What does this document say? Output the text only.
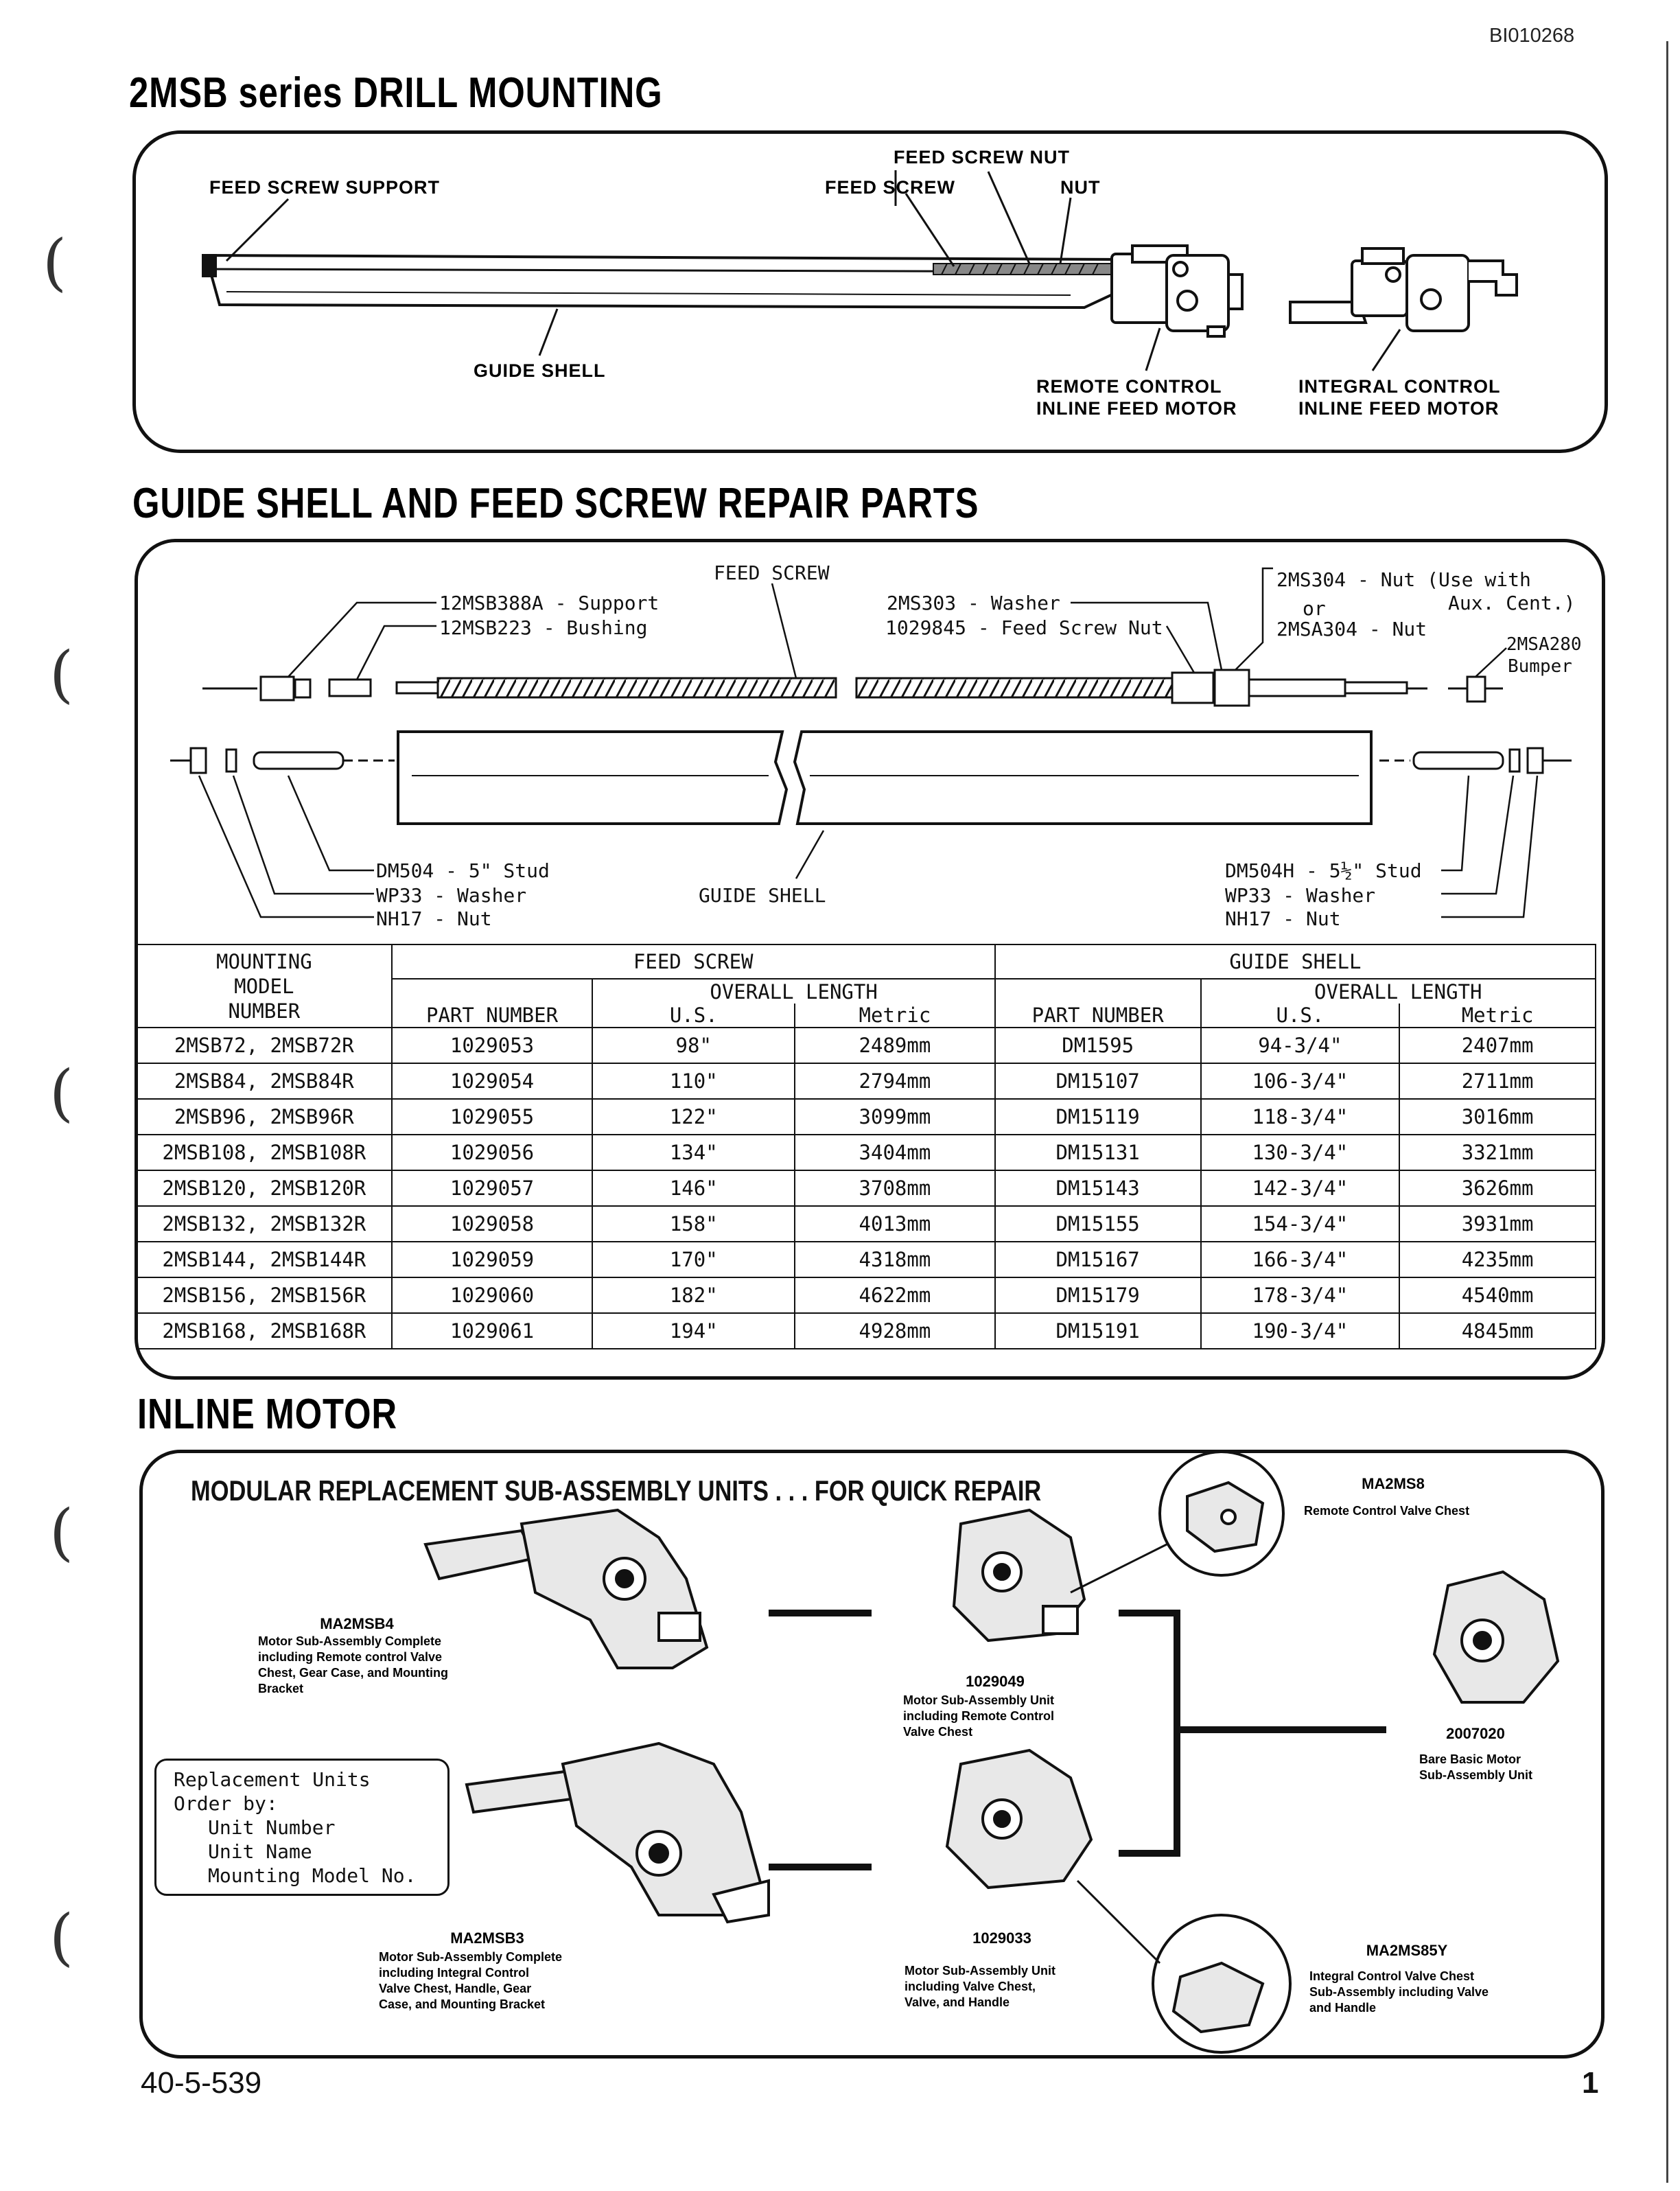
(
(
(
(
(
BI010268
2MSB series DRILL MOUNTING
FEED SCREW SUPPORT
FEED SCREW NUT
FEED SCREW	NUT
GUIDE SHELL
REMOTE CONTROL
INLINE FEED MOTOR
INTEGRAL CONTROL
INLINE FEED MOTOR
GUIDE SHELL AND FEED SCREW REPAIR PARTS
FEED SCREW
12MSB388A - Support
12MSB223 - Bushing
2MS303 - Washer
1029845 - Feed Screw Nut
2MS304 - Nut (Use with
Aux. Cent.)
or
2MSA304 - Nut
2MSA280
Bumper
DM504 - 5" Stud
WP33 - Washer
NH17 - Nut
GUIDE SHELL
DM504H - 5½" Stud
WP33 - Washer
NH17 - Nut
MOUNTING
MODEL
NUMBER	FEED SCREW			GUIDE SHELL		
	PART NUMBER	OVERALL LENGTH		PART NUMBER	OVERALL LENGTH	
		U.S.	Metric		U.S.	Metric
2MSB72, 2MSB72R	1029053	98"	2489mm	DM1595	94-3/4"	2407mm
2MSB84, 2MSB84R	1029054	110"	2794mm	DM15107	106-3/4"	2711mm
2MSB96, 2MSB96R	1029055	122"	3099mm	DM15119	118-3/4"	3016mm
2MSB108, 2MSB108R	1029056	134"	3404mm	DM15131	130-3/4"	3321mm
2MSB120, 2MSB120R	1029057	146"	3708mm	DM15143	142-3/4"	3626mm
2MSB132, 2MSB132R	1029058	158"	4013mm	DM15155	154-3/4"	3931mm
2MSB144, 2MSB144R	1029059	170"	4318mm	DM15167	166-3/4"	4235mm
2MSB156, 2MSB156R	1029060	182"	4622mm	DM15179	178-3/4"	4540mm
2MSB168, 2MSB168R	1029061	194"	4928mm	DM15191	190-3/4"	4845mm
INLINE MOTOR
MODULAR REPLACEMENT SUB-ASSEMBLY UNITS . . . FOR QUICK REPAIR
MA2MSB4
Motor Sub-Assembly Complete
including Remote control Valve
Chest, Gear Case, and Mounting
Bracket
MA2MSB3
Motor Sub-Assembly Complete
including Integral Control
Valve Chest, Handle, Gear
Case, and Mounting Bracket
1029049
Motor Sub-Assembly Unit
including Remote Control
Valve Chest
1029033
Motor Sub-Assembly Unit
including Valve Chest,
Valve, and Handle
MA2MS8
Remote Control Valve Chest
2007020
Bare Basic Motor
Sub-Assembly Unit
MA2MS85Y
Integral Control Valve Chest
Sub-Assembly including Valve
and Handle
Replacement Units
Order by:
Unit Number
Unit Name
Mounting Model No.
40-5-539	1
